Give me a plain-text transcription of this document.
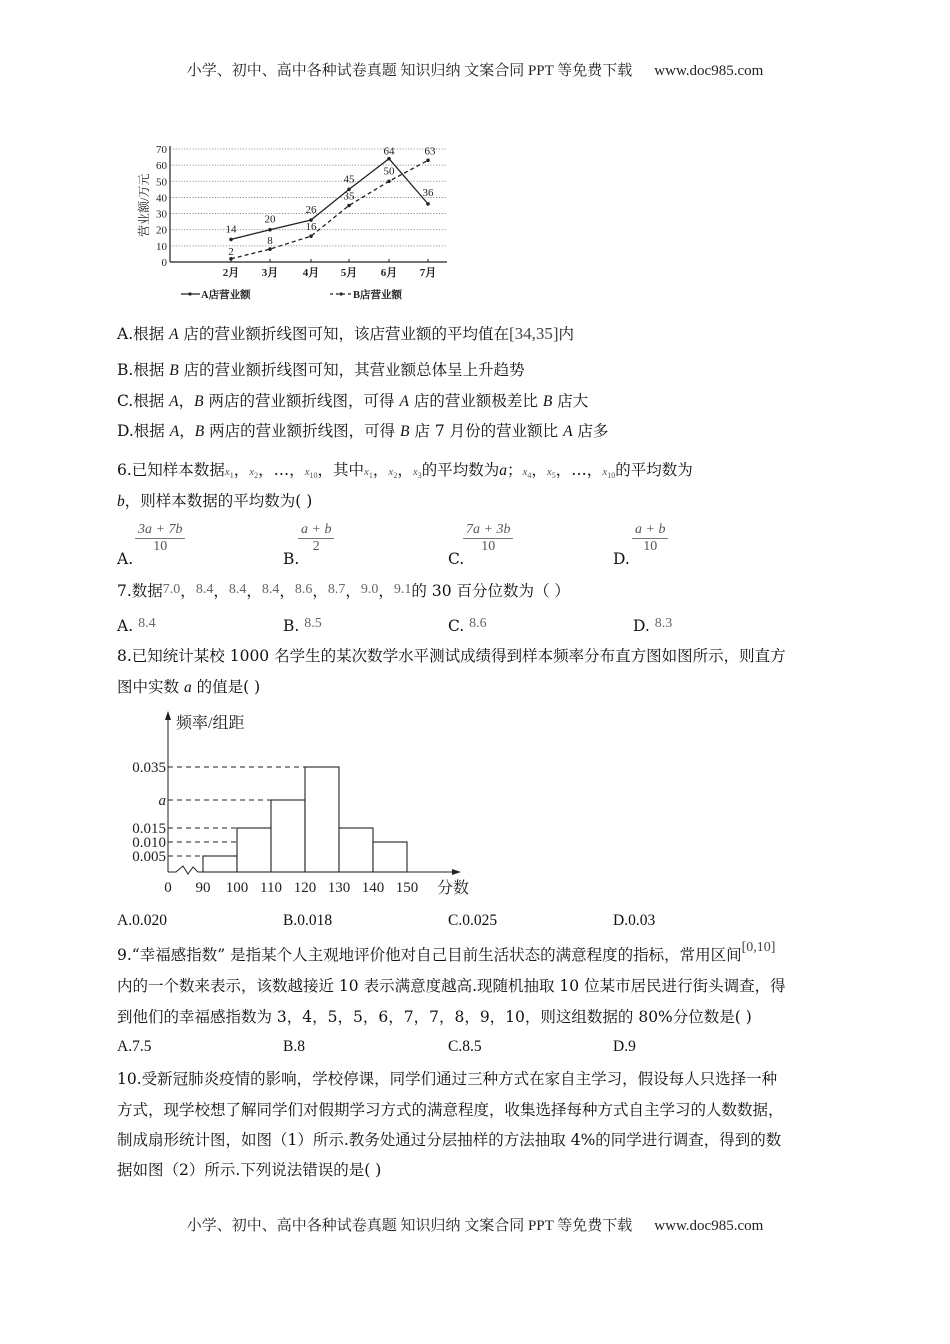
小学、初中、高中各种试卷真题 知识归纳 文案合同 PPT 等免费下载 www.doc985.com
营业额/万元
0
10
20
30
40
50
60
70
2月 3月 4月 5月 6月 7月
14
20
26
45
64
36
2
8
16
35
50
63
A店营业额	B店营业额
A.根据 A 店的营业额折线图可知，该店营业额的平均值在[34,35]内
B.根据 B 店的营业额折线图可知，其营业额总体呈上升趋势
C.根据 A，B 两店的营业额折线图，可得 A 店的营业额极差比 B 店大
D.根据 A，B 两店的营业额折线图，可得 B 店 7 月份的营业额比 A 店多
6.已知样本数据$x_1$，$x_2$，…，$x_{10}$，其中$x_1$，$x_2$，$x_3$的平均数为a；$x_4$，$x_5$，…，$x_{10}$的平均数为
b，则样本数据的平均数为( )
A.
$\frac{3a + 7b}{10}$
B.
$\frac{a + b}{2}$
C.
$\frac{7a + 3b}{10}$
D.
$\frac{a + b}{10}$
7.数据7.0，8.4，8.4，8.4，8.6，8.7，9.0，9.1的 30 百分位数为（ ）
A. 8.4	B. 8.5	C. 8.6	D. 8.3
8.已知统计某校 1000 名学生的某次数学水平测试成绩得到样本频率分布直方图如图所示，则直方
图中实数 a 的值是( )
频率/组距
0.005
0.010
0.015
a
0.035
0 90 100 110 120 130 140 150 分数
A.0.020	B.0.018	C.0.025	D.0.03
9.“幸福感指数” 是指某个人主观地评价他对自己目前生活状态的满意程度的指标，常用区间[0,10]
内的一个数来表示，该数越接近 10 表示满意度越高.现随机抽取 10 位某市居民进行街头调查，得
到他们的幸福感指数为 3，4，5，5，6，7，7，8，9，10，则这组数据的 80%分位数是( )
A.7.5	B.8	C.8.5	D.9
10.受新冠肺炎疫情的影响，学校停课，同学们通过三种方式在家自主学习，假设每人只选择一种
方式，现学校想了解同学们对假期学习方式的满意程度，收集选择每种方式自主学习的人数数据，
制成扇形统计图，如图（1）所示.教务处通过分层抽样的方法抽取 4%的同学进行调查，得到的数
据如图（2）所示.下列说法错误的是( )
小学、初中、高中各种试卷真题 知识归纳 文案合同 PPT 等免费下载 www.doc985.com
